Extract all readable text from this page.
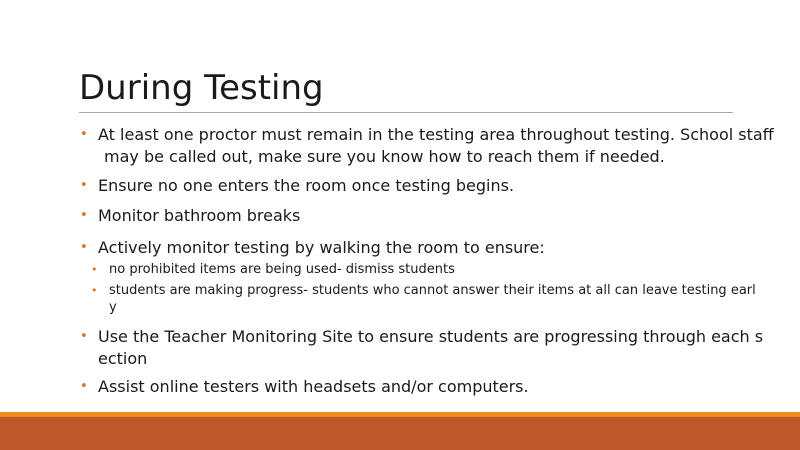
During Testing
• At least one proctor must remain in the testing area throughout testing. School staff
may be called out, make sure you know how to reach them if needed.
• Ensure no one enters the room once testing begins.
• Monitor bathroom breaks
• Actively monitor testing by walking the room to ensure:
• no prohibited items are being used- dismiss students
• students are making progress- students who cannot answer their items at all can leave testing earl
y
• Use the Teacher Monitoring Site to ensure students are progressing through each s
ection
• Assist online testers with headsets and/or computers.
